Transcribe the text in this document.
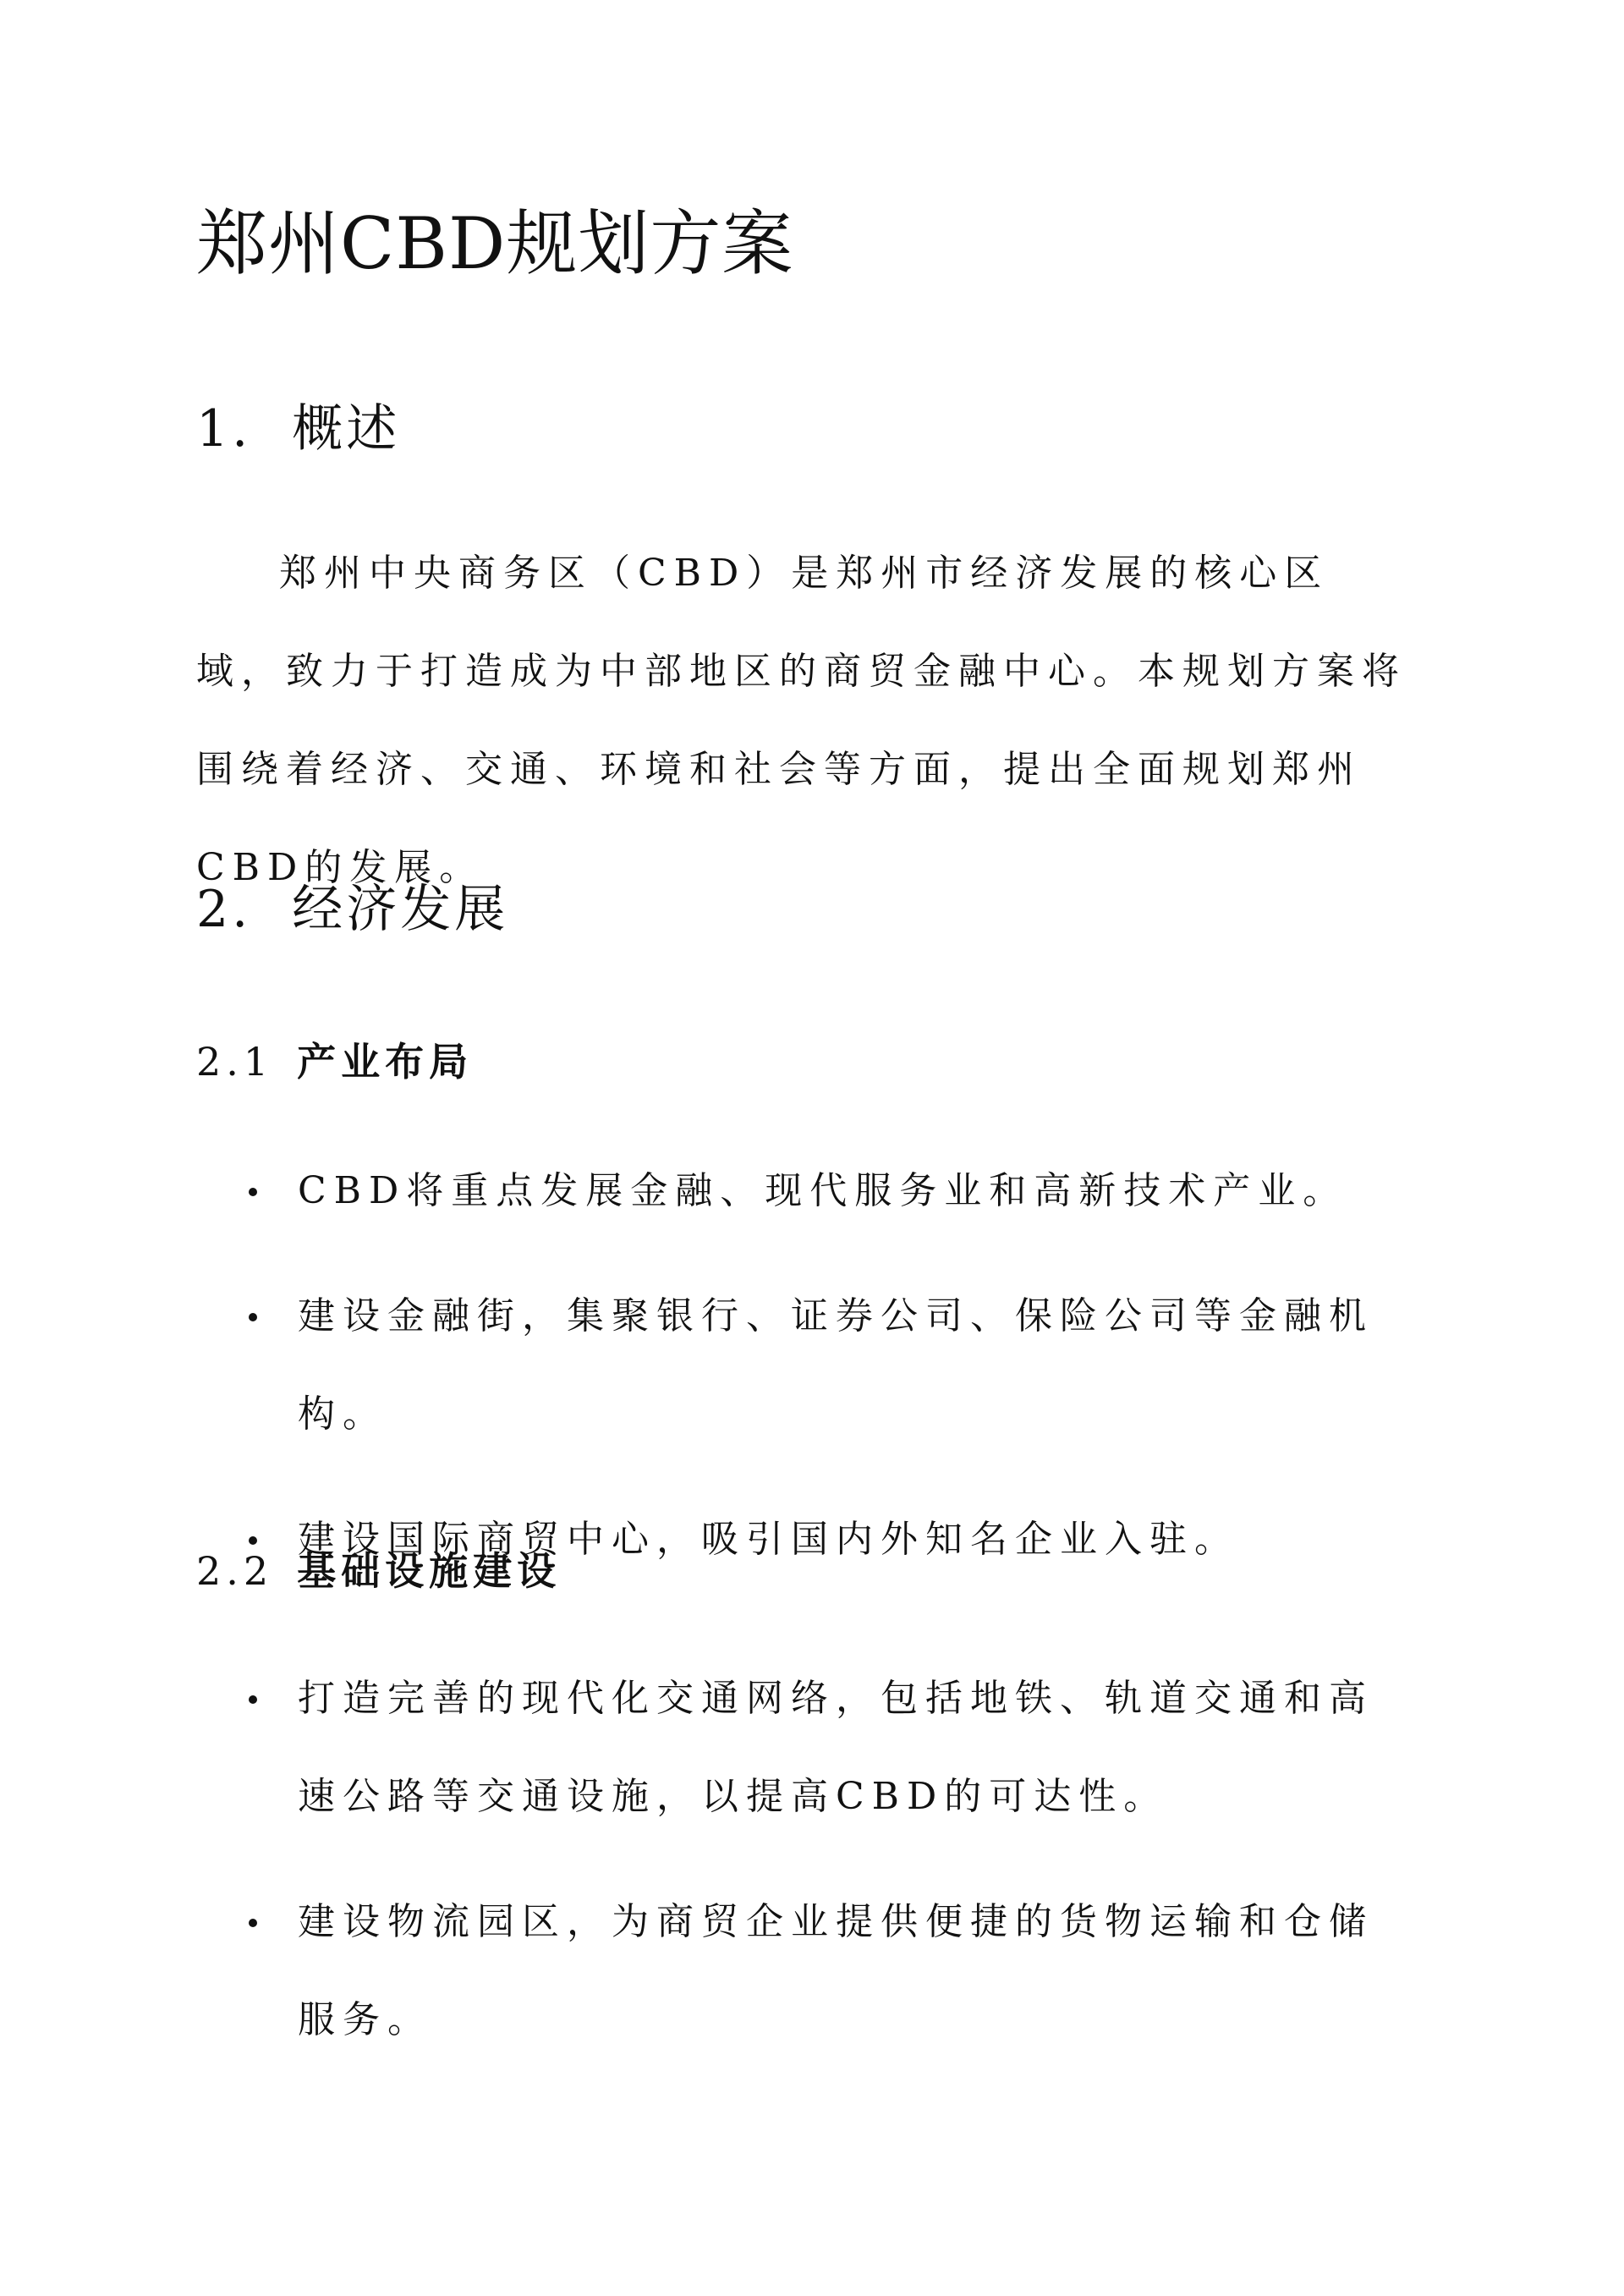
郑州CBD规划方案
1. 概述

郑州中央商务区（CBD）是郑州市经济发展的核心区域，致力于打造成为中部地区的商贸金融中心。本规划方案将围绕着经济、交通、环境和社会等方面，提出全面规划郑州CBD的发展。

2. 经济发展
2.1 产业布局
CBD将重点发展金融、现代服务业和高新技术产业。
建设金融街，集聚银行、证券公司、保险公司等金融机构。
建设国际商贸中心，吸引国内外知名企业入驻。
2.2 基础设施建设
打造完善的现代化交通网络，包括地铁、轨道交通和高速公路等交通设施，以提高CBD的可达性。
建设物流园区，为商贸企业提供便捷的货物运输和仓储服务。
